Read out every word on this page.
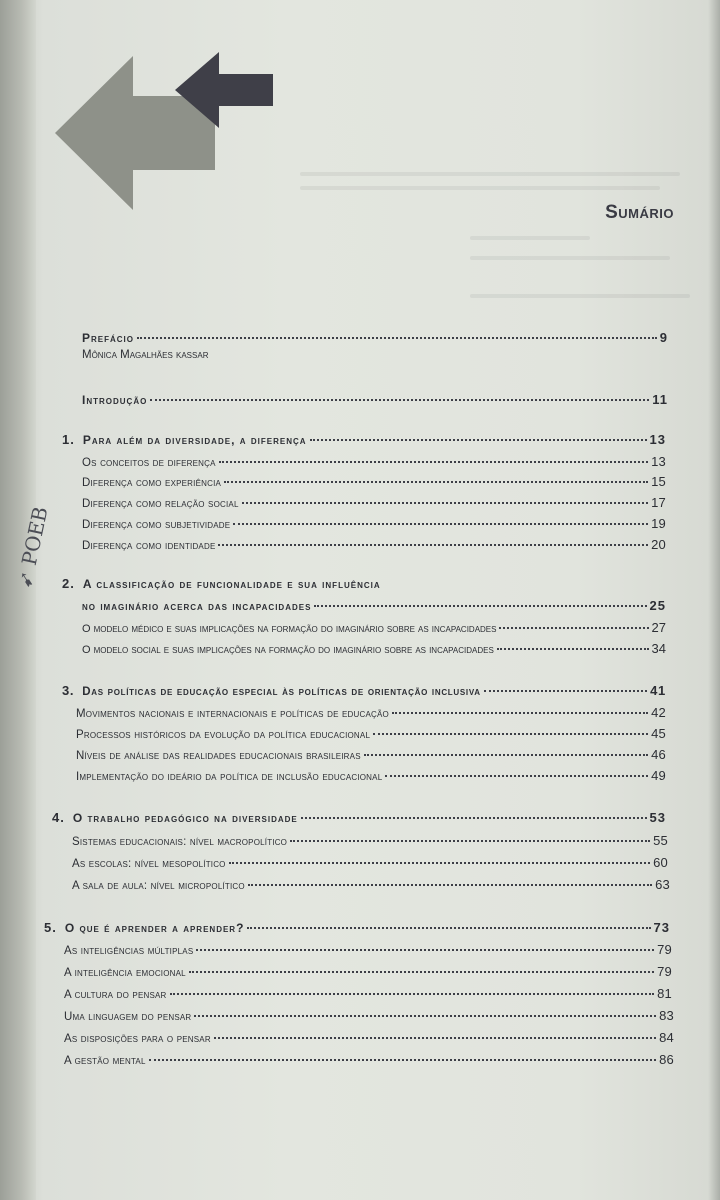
Sumário
Prefácio	9
Mônica Magalhães kassar
Introdução	11
1. Para além da diversidade, a diferença	13
Os conceitos de diferença	13
Diferença como experiência	15
Diferença como relação social	17
Diferença como subjetividade	19
Diferença como identidade	20
➹ POEB
2. A classificação de funcionalidade e sua influência
no imaginário acerca das incapacidades	25
O modelo médico e suas implicações na formação do imaginário sobre as incapacidades	27
O modelo social e suas implicações na formação do imaginário sobre as incapacidades	34
3. Das políticas de educação especial às políticas de orientação inclusiva	41
Movimentos nacionais e internacionais e políticas de educação	42
Processos históricos da evolução da política educacional	45
Níveis de análise das realidades educacionais brasileiras	46
Implementação do ideário da política de inclusão educacional	49
4. O trabalho pedagógico na diversidade	53
Sistemas educacionais: nível macropolítico	55
As escolas: nível mesopolítico	60
A sala de aula: nível micropolítico	63
5. O que é aprender a aprender?	73
As inteligências múltiplas	79
A inteligência emocional	79
A cultura do pensar	81
Uma linguagem do pensar	83
As disposições para o pensar	84
A gestão mental	86
